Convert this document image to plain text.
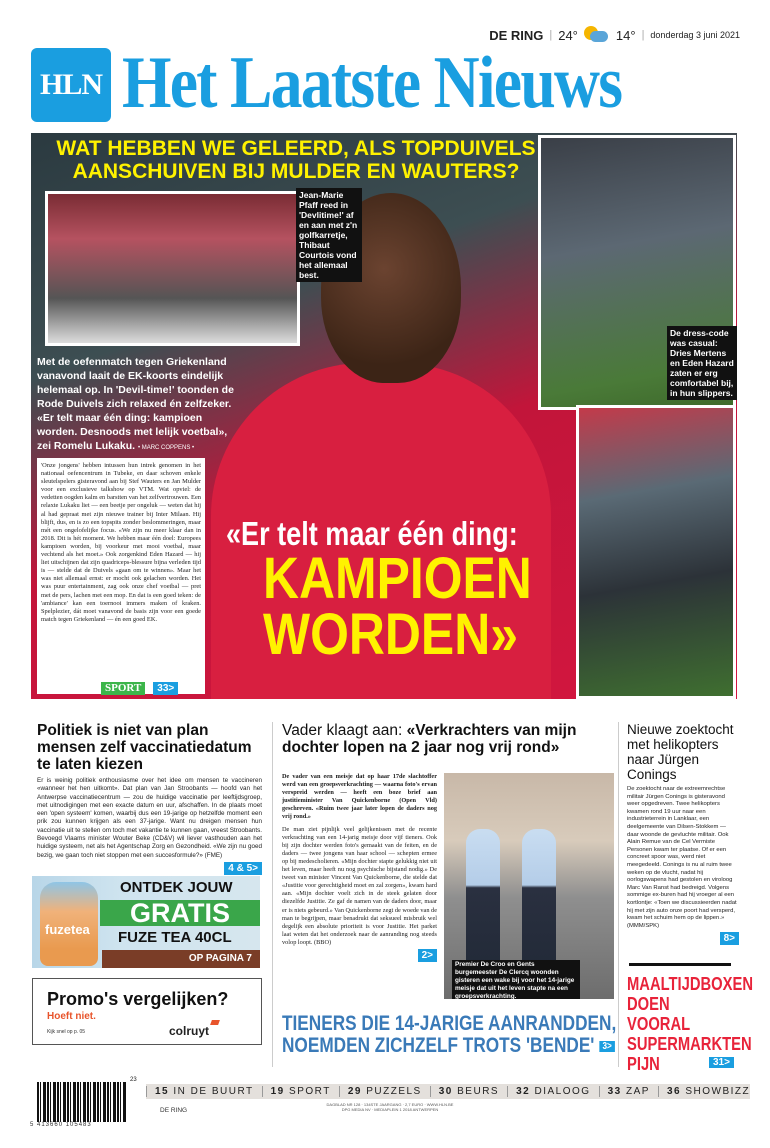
DE RING | 24°	14° | donderdag 3 juni 2021
HLN Het Laatste Nieuws
WAT HEBBEN WE GELEERD, ALS TOPDUIVELS AANSCHUIVEN BIJ MULDER EN WAUTERS?
Jean-Marie Pfaff reed in 'Devlitime!' af en aan met z'n golfkarretje, Thibaut Courtois vond het allemaal best.
De dress-code was casual: Dries Mertens en Eden Hazard zaten er erg comfortabel bij, in hun slippers.
Met de oefenmatch tegen Griekenland vanavond laait de EK-koorts eindelijk helemaal op. In 'Devil-time!' toonden de Rode Duivels zich relaxed én zelfzeker. «Er telt maar één ding: kampioen worden. Desnoods met lelijk voetbal», zei Romelu Lukaku. • MARC COPPENS •
'Onze jongens' hebben intussen hun intrek genomen in het nationaal oefencentrum in Tubeke, en daar schoven enkele sleutelspelers gisteravond aan bij Stef Wauters en Jan Mulder voor een exclusieve talkshow op VTM. Wat opviel: de vedetten oogden kalm en barstten van het zelfvertrouwen. Een relaxte Lukaku liet — een beetje per ongeluk — weten dat hij al had gepraat met zijn nieuwe trainer bij Inter Milaan. Hij blijft, dus, en is zo een topspits zonder beslommeringen, maar mét een ongelofelijke focus. «We zijn nu meer klaar dan in 2018. Dit is hét moment. We hebben maar één doel: Europees kampioen worden, bij voorkeur met mooi voetbal, maar vechtend als het moet.» Ook zorgenkind Eden Hazard — hij liet uitschijnen dat zijn quadriceps-blessure bijna verleden tijd is — stelde dat de Duivels «gaan om te winnen». Maar het was niet allemaal ernst: er mocht ook gelachen worden. Het was puur entertainment, zag ook onze chef voetbal — pret met de pers, lachen met een mop. En dat is een goed teken: de 'ambiance' kan een toernooi immers maken of kraken. Spelplezier, dát moet vanavond de basis zijn voor een goede match tegen Griekenland — én een goed EK.
SPORT	33>
«Er telt maar één ding:
KAMPIOEN
WORDEN»
Politiek is niet van plan mensen zelf vaccinatiedatum te laten kiezen

Er is weinig politiek enthousiasme over het idee om mensen te vaccineren «wanneer het hen uitkomt». Dat plan van Jan Stroobants — hoofd van het Antwerpse vaccinatiecentrum — zou de huidige vaccinatie per leeftijdsgroep, met uitnodigingen met een exacte datum en uur, afschaffen. In de plaats moet een 'open systeem' komen, waarbij dus een 19-jarige op hetzelfde moment een prik zou kunnen krijgen als een 37-jarige. Want nu dreigen mensen hun vaccinatie uit te stellen om toch met vakantie te kunnen gaan, vreest Stroobants. Bevoegd Vlaams minister Wouter Beke (CD&V) wil liever vasthouden aan het huidige systeem, net als het Agentschap Zorg en Gezondheid. «We zijn nu goed bezig, we gaan toch niet stoppen met een succesformule?» (FME)

4 & 5>
fuzetea
ONTDEK JOUW
GRATIS
FUZE TEA 40CL
OP PAGINA 7
Promo's vergelijken?
Hoeft niet.
Kijk snel op p. 05	colruyt
Vader klaagt aan: «Verkrachters van mijn dochter lopen na 2 jaar nog vrij rond»

De vader van een meisje dat op haar 17de slachtoffer werd van een groepsverkrachting — waarna foto's ervan verspreid werden — heeft een boze brief aan justitieminister Van Quickenborne (Open Vld) geschreven. «Ruim twee jaar later lopen de daders nog vrij rond.»

De man ziet pijnlijk veel gelijkenissen met de recente verkrachting van een 14-jarig meisje door vijf tieners. Ook bij zijn dochter werden foto's gemaakt van de feiten, en de daders — twee jongens van haar school — schepten ermee op bij medescholieren. «Mijn dochter stapte gelukkig niet uit het leven, maar heeft nu nog psychische bijstand nodig.» De tweet van minister Vincent Van Quickenborne, die stelde dat «Justitie voor gerechtigheid moet en zal zorgen», kwam hard aan. «Mijn dochter voelt zich in de steek gelaten door diezelfde Justitie. Ze gaf de namen van de daders door, maar er is niets gebeurd.» Van Quickenborne zegt de woede van de man te begrijpen, maar benadrukt dat seksueel misbruik wel degelijk een absolute prioriteit is voor Justitie. Het parket laat weten dat het onderzoek naar de aanranding nog steeds volop loopt. (BBO)

2>
Premier De Croo en Gents burgemeester De Clercq woonden gisteren een wake bij voor het 14-jarige meisje dat uit het leven stapte na een groepsverkrachting.
TIENERS DIE 14-JARIGE AANRANDDEN,
NOEMDEN ZICHZELF TROTS 'BENDE' 3>
Nieuwe zoektocht met helikopters naar Jürgen Conings

De zoektocht naar de extreemrechtse militair Jürgen Conings is gisteravond weer opgedreven. Twee helikopters kwamen rond 19 uur naar een industrieterrein in Lanklaar, een deelgemeente van Dilsen-Stokkem — daar woonde de gevluchte militair. Ook Alain Remue van de Cel Vermiste Personen kwam ter plaatse. Of er een concreet spoor was, werd niet meegedeeld. Conings is nu al ruim twee weken op de vlucht, nadat hij oorlogswapens had gestolen en viroloog Marc Van Ranst had bedreigd. Volgens sommige ex-buren had hij vroeger al een kortlontje: «Toen we discussieerden nadat hij met zijn auto onze poort had versperd, kwam het schuim hem op de lippen.» (MMM/SPK)

8>
MAALTIJDBOXEN DOEN VOORAL SUPERMARKTEN PIJN	31>
23
5 413660 105483
15 IN DE BUURT	19 SPORT	29 PUZZELS	30 BEURS	32 DIALOOG	33 ZAP	36 SHOWBIZZ
DE RING
DAGBLAD NR 128 · 134STE JAARGANG · 2,7 EURO · WWW.HLN.BE
DPG MEDIA NV · MEDIAPLEIN 1 2018 ANTWERPEN
